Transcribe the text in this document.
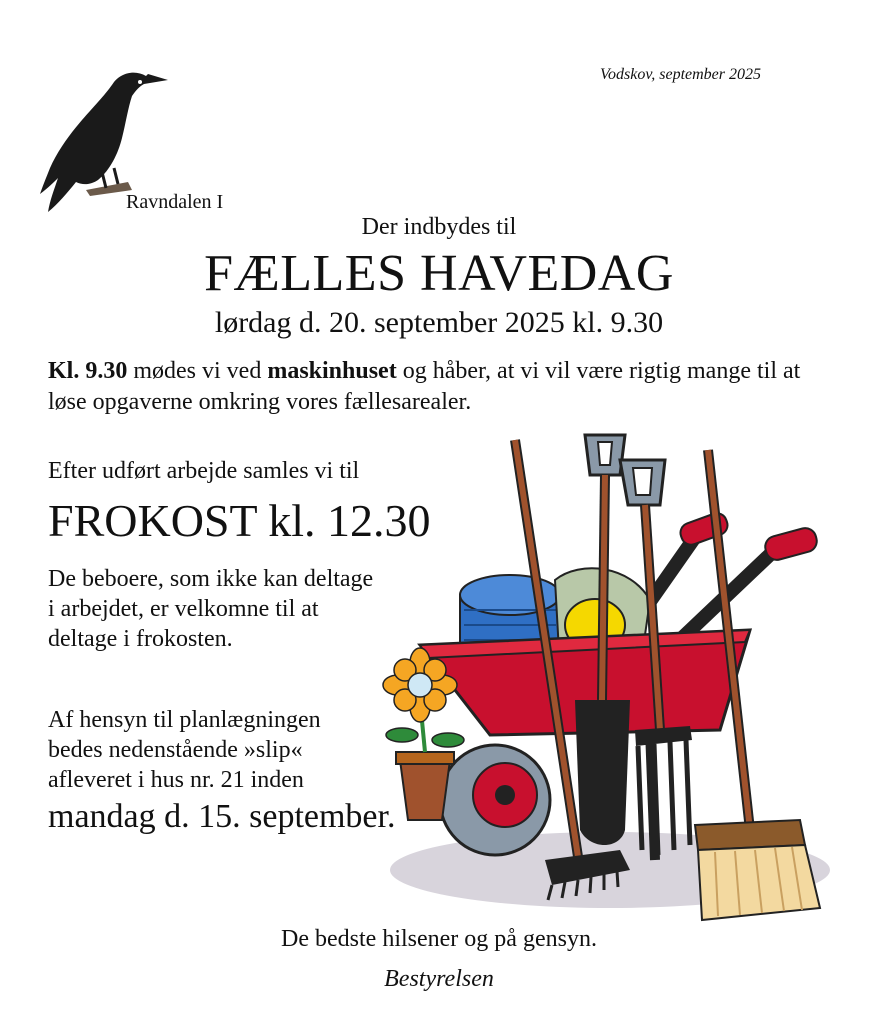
Vodskov, september 2025
Ravndalen I
Der indbydes til
FÆLLES HAVEDAG
lørdag d. 20. september 2025 kl. 9.30
Kl. 9.30 mødes vi ved maskinhuset og håber, at vi vil være rigtig mange til at løse opgaverne omkring vores fællesarealer.
Efter udført arbejde samles vi til
FROKOST kl. 12.30
De beboere, som ikke kan deltage
i arbejdet, er velkomne til at
deltage i frokosten.
Af hensyn til planlægningen
bedes nedenstående »slip«
afleveret i hus nr. 21 inden
mandag d. 15. september.
De bedste hilsener og på gensyn.
Bestyrelsen
